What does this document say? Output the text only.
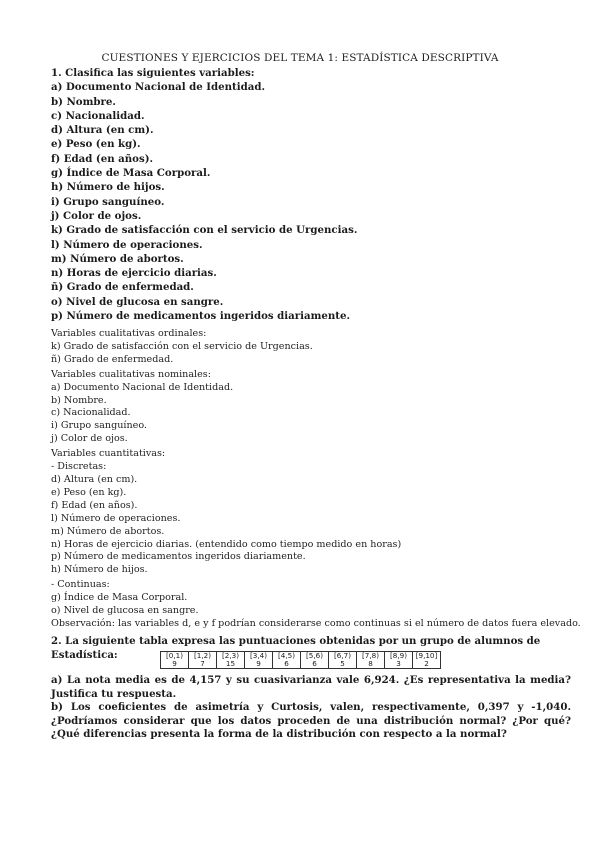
CUESTIONES Y EJERCICIOS DEL TEMA 1: ESTADÍSTICA DESCRIPTIVA
1. Clasifica las siguientes variables:
a) Documento Nacional de Identidad.
b) Nombre.
c) Nacionalidad.
d) Altura (en cm).
e) Peso (en kg).
f) Edad (en años).
g) Índice de Masa Corporal.
h) Número de hijos.
i) Grupo sanguíneo.
j) Color de ojos.
k) Grado de satisfacción con el servicio de Urgencias.
l) Número de operaciones.
m) Número de abortos.
n) Horas de ejercicio diarias.
ñ) Grado de enfermedad.
o) Nivel de glucosa en sangre.
p) Número de medicamentos ingeridos diariamente.
Variables cualitativas ordinales:
k) Grado de satisfacción con el servicio de Urgencias.
ñ) Grado de enfermedad.
Variables cualitativas nominales:
a) Documento Nacional de Identidad.
b) Nombre.
c) Nacionalidad.
i) Grupo sanguíneo.
j) Color de ojos.
Variables cuantitativas:
- Discretas:
d) Altura (en cm).
e) Peso (en kg).
f) Edad (en años).
l) Número de operaciones.
m) Número de abortos.
n) Horas de ejercicio diarias. (entendido como tiempo medido en horas)
p) Número de medicamentos ingeridos diariamente.
h) Número de hijos.
- Continuas:
g) Índice de Masa Corporal.
o) Nivel de glucosa en sangre.
Observación: las variables d, e y f podrían considerarse como continuas si el número de datos fuera elevado.
2. La siguiente tabla expresa las puntuaciones obtenidas por un grupo de alumnos de
Estadística:	[0,1)	[1,2)	[2,3)	[3,4)	[4,5)	[5,6)	[6,7)	[7,8)	[8,9)	[9,10]
9	7	15	9	6	6	5	8	3	2
a) La nota media es de 4,157 y su cuasivarianza vale 6,924. ¿Es representativa la media? Justifica tu respuesta.
b) Los coeficientes de asimetría y Curtosis, valen, respectivamente, 0,397 y -1,040. ¿Podríamos considerar que los datos proceden de una distribución normal? ¿Por qué? ¿Qué diferencias presenta la forma de la distribución con respecto a la normal?
